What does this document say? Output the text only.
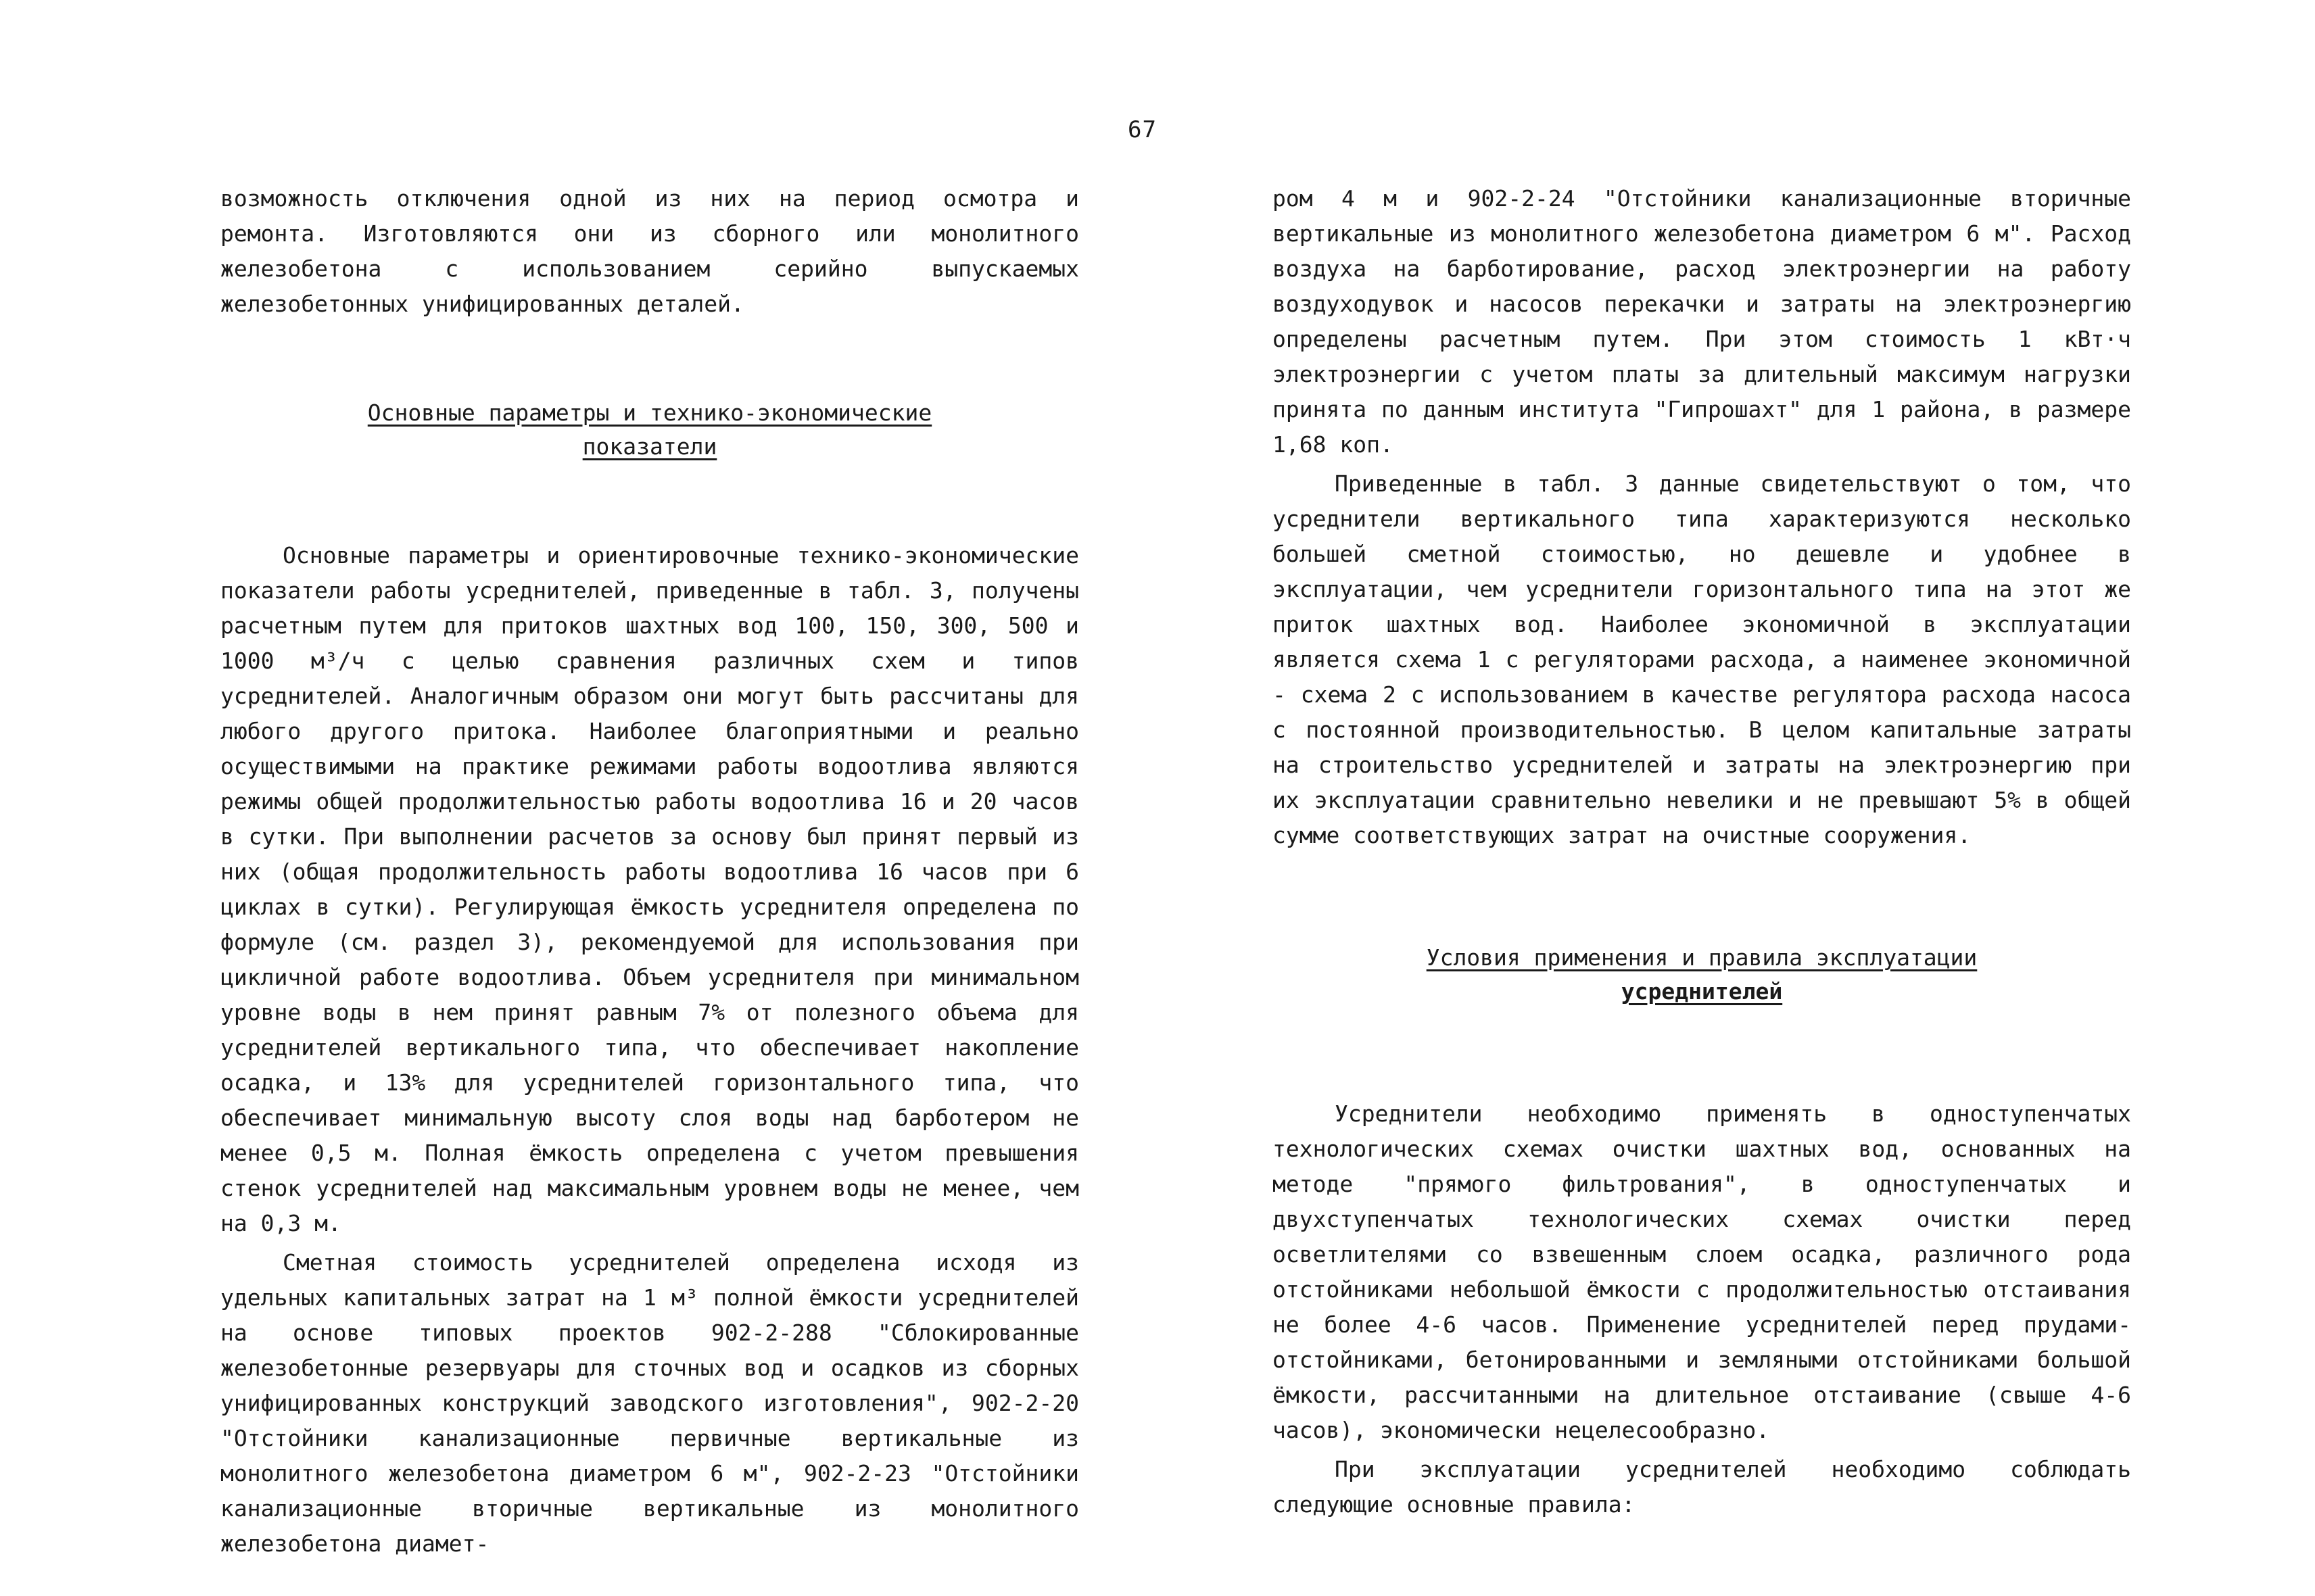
67

возможность отключения одной из них на период осмотра и ремонта. Изготовляются они из сборного или монолитного железобетона с использованием серийно выпускаемых железобетонных унифицированных деталей.

Основные параметры и технико-экономические

показатели

Основные параметры и ориентировочные технико-экономические показатели работы усреднителей, приведенные в табл. 3, получены расчетным путем для притоков шахтных вод 100, 150, 300, 500 и 1000 м³/ч с целью сравнения различных схем и типов усреднителей. Аналогичным образом они могут быть рассчитаны для любого другого притока. Наиболее благоприятными и реально осуществимыми на практике режимами работы водоотлива являются режимы общей продолжительностью работы водоотлива 16 и 20 часов в сутки. При выполнении расчетов за основу был принят первый из них (общая продолжительность работы водоотлива 16 часов при 6 циклах в сутки). Регулирующая ёмкость усреднителя определена по формуле (см. раздел 3), рекомендуемой для использования при цикличной работе водоотлива. Объем усреднителя при минимальном уровне воды в нем принят равным 7% от полезного объема для усреднителей вертикального типа, что обеспечивает накопление осадка, и 13% для усреднителей горизонтального типа, что обеспечивает минимальную высоту слоя воды над барботером не менее 0,5 м. Полная ёмкость определена с учетом превышения стенок усреднителей над максимальным уровнем воды не менее, чем на 0,3 м.

Сметная стоимость усреднителей определена исходя из удельных капитальных затрат на 1 м³ полной ёмкости усреднителей на основе типовых проектов 902-2-288 "Сблокированные железобетонные резервуары для сточных вод и осадков из сборных унифицированных конструкций заводского изготовления", 902-2-20 "Отстойники канализационные первичные вертикальные из монолитного железобетона диаметром 6 м", 902-2-23 "Отстойники канализационные вторичные вертикальные из монолитного железобетона диамет-

ром 4 м и 902-2-24 "Отстойники канализационные вторичные вертикальные из монолитного железобетона диаметром 6 м". Расход воздуха на барботирование, расход электроэнергии на работу воздуходувок и насосов перекачки и затраты на электроэнергию определены расчетным путем. При этом стоимость 1 кВт·ч электроэнергии с учетом платы за длительный максимум нагрузки принята по данным института "Гипрошахт" для 1 района, в размере 1,68 коп.

Приведенные в табл. 3 данные свидетельствуют о том, что усреднители вертикального типа характеризуются несколько большей сметной стоимостью, но дешевле и удобнее в эксплуатации, чем усреднители горизонтального типа на этот же приток шахтных вод. Наиболее экономичной в эксплуатации является схема 1 с регуляторами расхода, а наименее экономичной - схема 2 с использованием в качестве регулятора расхода насоса с постоянной производительностью. В целом капитальные затраты на строительство усреднителей и затраты на электроэнергию при их эксплуатации сравнительно невелики и не превышают 5% в общей сумме соответствующих затрат на очистные сооружения.

Условия применения и правила эксплуатации

усреднителей

Усреднители необходимо применять в одноступенчатых технологических схемах очистки шахтных вод, основанных на методе "прямого фильтрования", в одноступенчатых и двухступенчатых технологических схемах очистки перед осветлителями со взвешенным слоем осадка, различного рода отстойниками небольшой ёмкости с продолжительностью отстаивания не более 4-6 часов. Применение усреднителей перед прудами-отстойниками, бетонированными и земляными отстойниками большой ёмкости, рассчитанными на длительное отстаивание (свыше 4-6 часов), экономически нецелесообразно.

При эксплуатации усреднителей необходимо соблюдать следующие основные правила:
